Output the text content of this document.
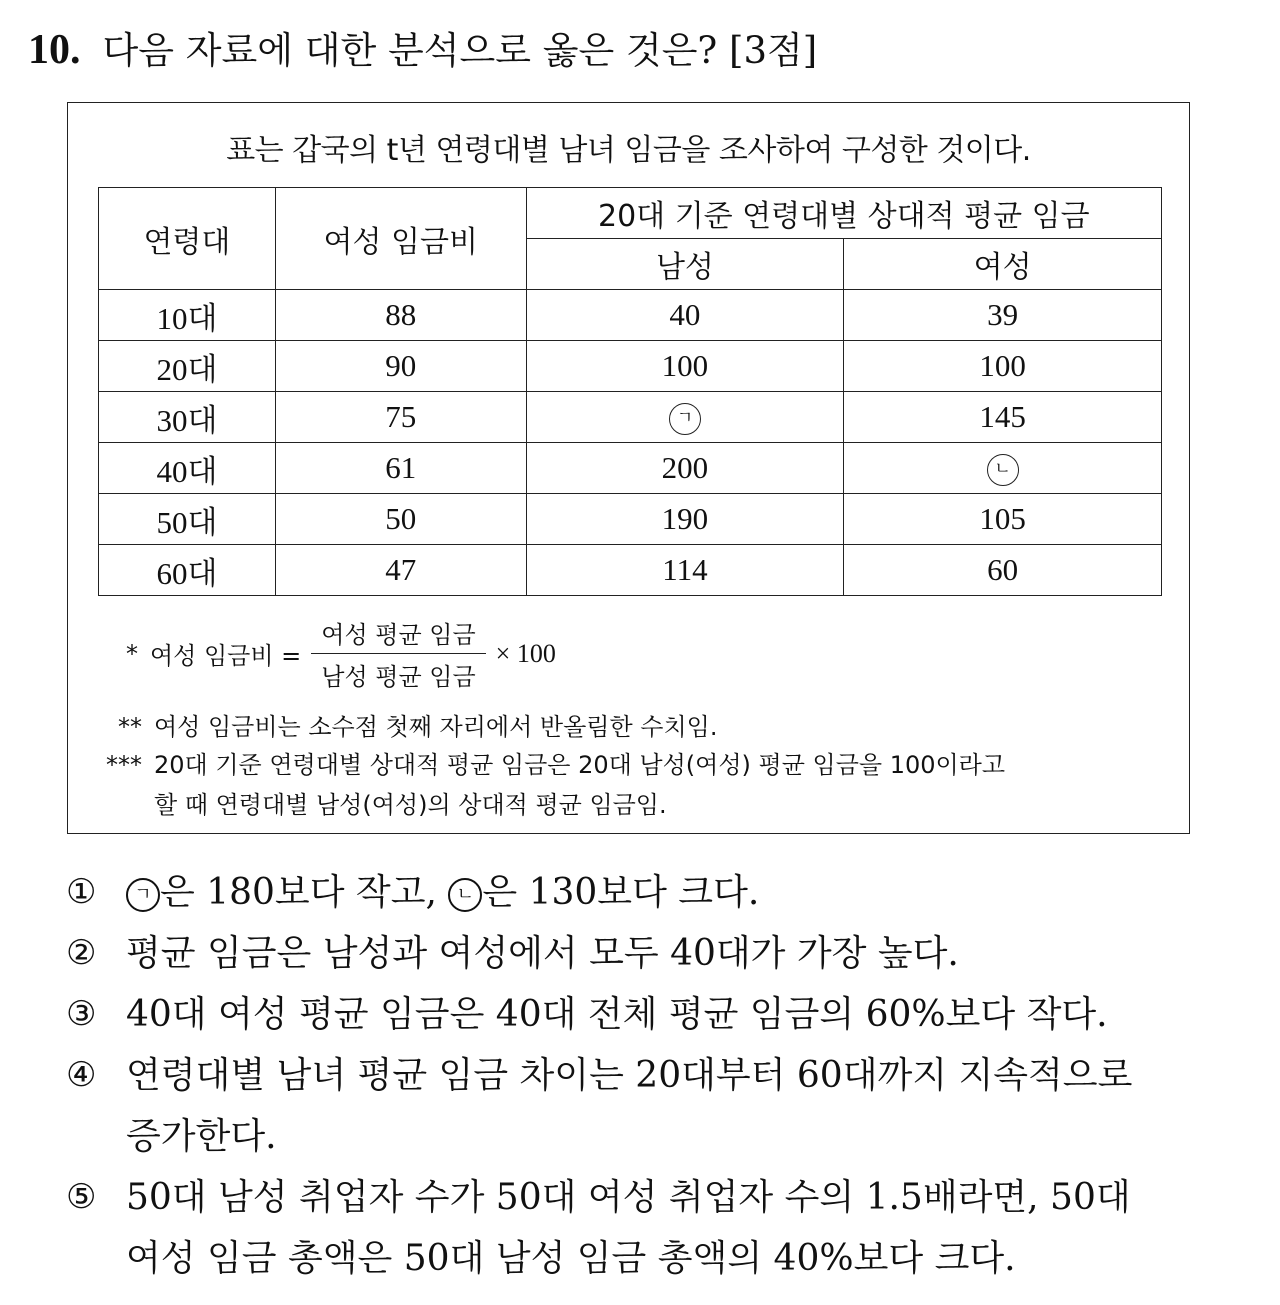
10. 다음 자료에 대한 분석으로 옳은 것은? [3점]
표는 갑국의 t년 연령대별 남녀 임금을 조사하여 구성한 것이다.
연령대	여성 임금비	20대 기준 연령대별 상대적 평균 임금	
		남성	여성
10대	88	40	39
20대	90	100	100
30대	75	ㄱ	145
40대	61	200	ㄴ
50대	50	190	105
60대	47	114	60
* 여성 임금비 = $\frac{\text{여성 평균 임금}}{\text{남성 평균 임금}} \times 100$
** 여성 임금비는 소수점 첫째 자리에서 반올림한 수치임.
*** 20대 기준 연령대별 상대적 평균 임금은 20대 남성(여성) 평균 임금을 100이라고
할 때 연령대별 남성(여성)의 상대적 평균 임금임.
① ㄱ 은 180보다 작고, ㄴ 은 130보다 크다.
② 평균 임금은 남성과 여성에서 모두 40대가 가장 높다.
③ 40대 여성 평균 임금은 40대 전체 평균 임금의 60%보다 작다.
④ 연령대별 남녀 평균 임금 차이는 20대부터 60대까지 지속적으로
증가한다.
⑤ 50대 남성 취업자 수가 50대 여성 취업자 수의 1.5배라면, 50대
여성 임금 총액은 50대 남성 임금 총액의 40%보다 크다.
